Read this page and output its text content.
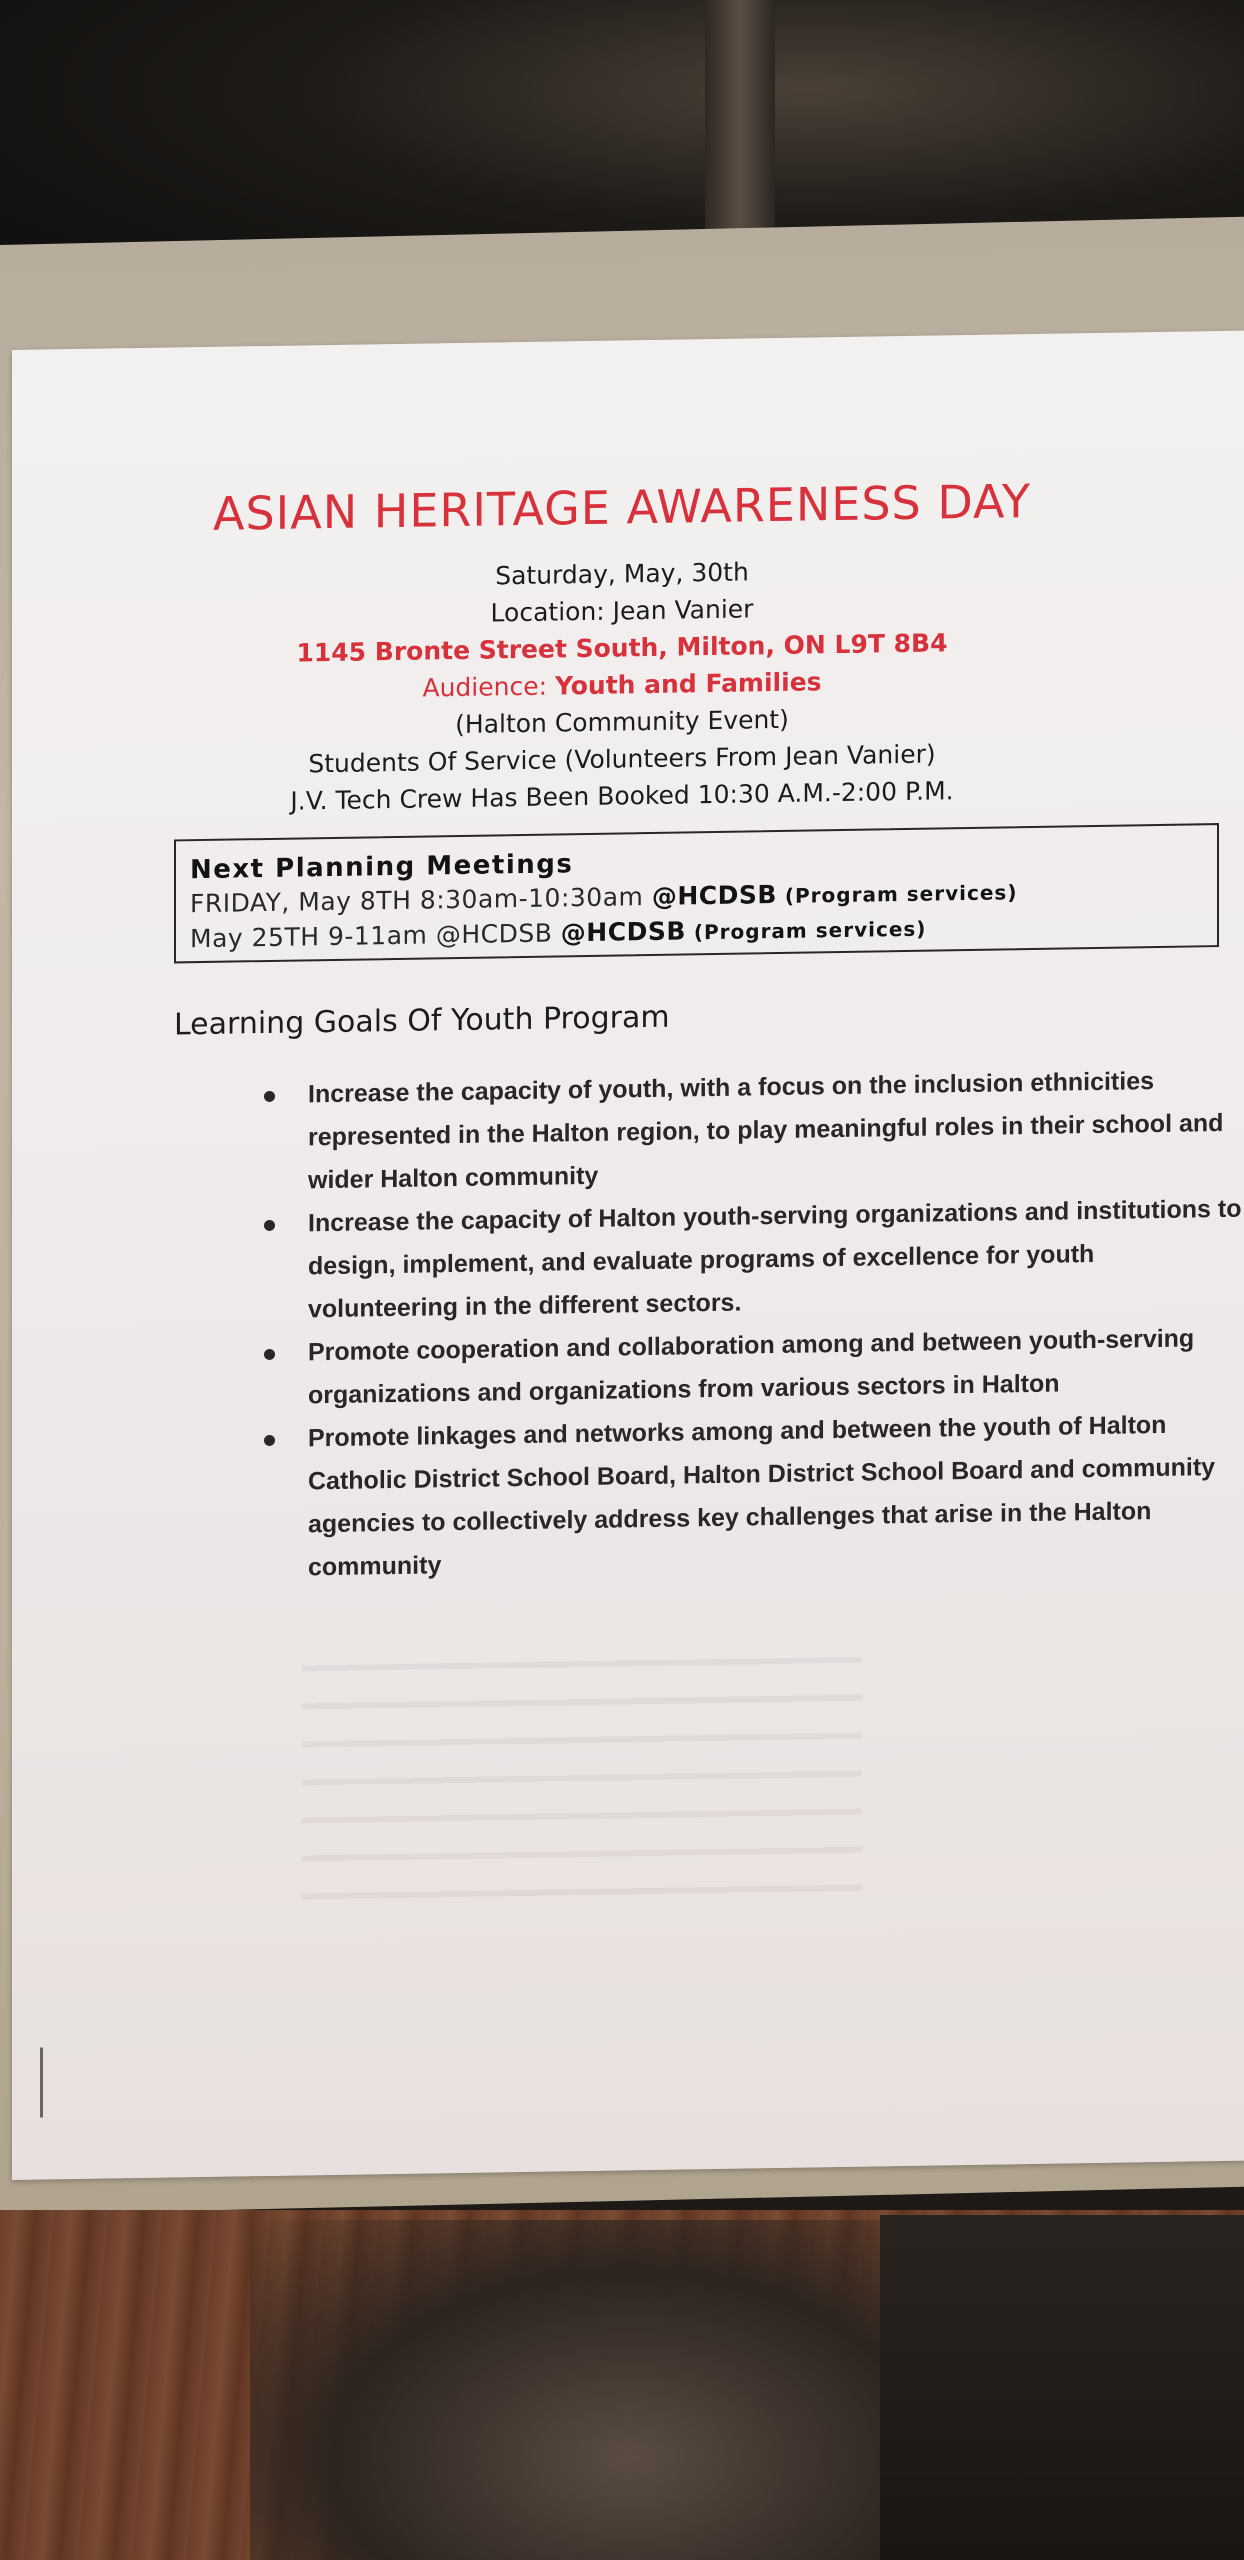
ASIAN HERITAGE AWARENESS DAY
Saturday, May, 30th
Location: Jean Vanier
1145 Bronte Street South, Milton, ON L9T 8B4
Audience: Youth and Families
(Halton Community Event)
Students Of Service (Volunteers From Jean Vanier)
J.V. Tech Crew Has Been Booked 10:30 A.M.-2:00 P.M.
Next Planning Meetings
FRIDAY, May 8TH 8:30am-10:30am @HCDSB (Program services)
May 25TH 9-11am @HCDSB @HCDSB (Program services)
Learning Goals Of Youth Program
Increase the capacity of youth, with a focus on the inclusion ethnicities represented in the Halton region, to play meaningful roles in their school and wider Halton community
Increase the capacity of Halton youth-serving organizations and institutions to design, implement, and evaluate programs of excellence for youth volunteering in the different sectors.
Promote cooperation and collaboration among and between youth-serving organizations and organizations from various sectors in Halton
Promote linkages and networks among and between the youth of Halton Catholic District School Board, Halton District School Board and community agencies to collectively address key challenges that arise in the Halton community
